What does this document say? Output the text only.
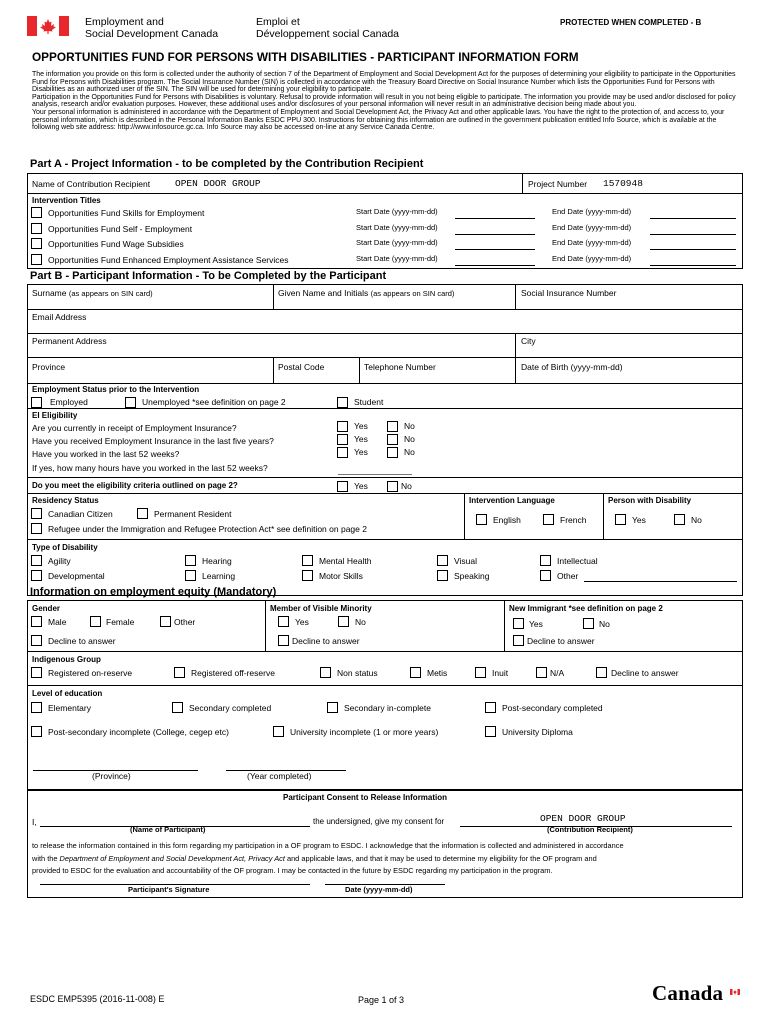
Employment and
Social Development Canada
Emploi et
Développement social Canada
PROTECTED WHEN COMPLETED - B
OPPORTUNITIES FUND FOR PERSONS WITH DISABILITIES - PARTICIPANT INFORMATION FORM
The information you provide on this form is collected under the authority of section 7 of the Department of Employment and Social Development Act for the purposes of determining your eligibility to participate in the Opportunities Fund for Persons with Disabilities program. The Social Insurance Number (SIN) is collected in accordance with the Treasury Board Directive on Social Insurance Number which lists the Opportunities Fund for Persons with Disabilities as an authorized user of the SIN. The SIN will be used for determining your eligibility to participate.
Participation in the Opportunities Fund for Persons with Disabilities is voluntary. Refusal to provide information will result in you not being eligible to participate. The information you provide may be used and/or disclosed for policy analysis, research and/or evaluation purposes. However, these additional uses and/or disclosures of your personal information will never result in an administrative decision being made about you.
Your personal information is administered in accordance with the Department of Employment and Social Development Act, the Privacy Act and other applicable laws. You have the right to the protection of, and access to, your personal information, which is described in the Personal Information Banks ESDC PPU 300. Instructions for obtaining this information are outlined in the government publication entitled Info Source, which is available at the following web site address: http://www.infosource.gc.ca. Info Source may also be accessed on-line at any Service Canada Centre.
Part A - Project Information - to be completed by the Contribution Recipient
Name of Contribution Recipient	OPEN DOOR GROUP	Project Number 1570948
Intervention Titles
Opportunities Fund Skills for Employment	Start Date (yyyy-mm-dd)	End Date (yyyy-mm-dd)
Opportunities Fund Self - Employment	Start Date (yyyy-mm-dd)	End Date (yyyy-mm-dd)
Opportunities Fund Wage Subsidies	Start Date (yyyy-mm-dd)	End Date (yyyy-mm-dd)
Opportunities Fund Enhanced Employment Assistance Services	Start Date (yyyy-mm-dd)	End Date (yyyy-mm-dd)
Part B - Participant Information - To be Completed by the Participant
Surname (as appears on SIN card)	Given Name and Initials (as appears on SIN card)	Social Insurance Number
Email Address
Permanent Address	City
Province	Postal Code	Telephone Number	Date of Birth (yyyy-mm-dd)
Employment Status prior to the Intervention
Employed	Unemployed *see definition on page 2	Student
EI Eligibility
Are you currently in receipt of Employment Insurance?	Yes	No
Have you received Employment Insurance in the last five years?	Yes	No
Have you worked in the last 52 weeks?	Yes	No
If yes, how many hours have you worked in the last 52 weeks?
Do you meet the eligibility criteria outlined on page 2?	Yes	No
Residency Status
Canadian Citizen	Permanent Resident
Refugee under the Immigration and Refugee Protection Act* see definition on page 2
Intervention Language
English	French
Person with Disability
Yes	No
Type of Disability
Agility	Hearing	Mental Health	Visual	Intellectual
Developmental	Learning	Motor Skills	Speaking	Other
Information on employment equity (Mandatory)
Gender
Male	Female	Other
Decline to answer
Member of Visible Minority
Yes	No
Decline to answer
New Immigrant *see definition on page 2
Yes	No
Decline to answer
Indigenous Group
Registered on-reserve	Registered off-reserve	Non status	Metis	Inuit	N/A	Decline to answer
Level of education
Elementary	Secondary completed	Secondary in-complete	Post-secondary completed
Post-secondary incomplete (College, cegep etc)	University incomplete (1 or more years)	University Diploma
(Province)	(Year completed)
Participant Consent to Release Information
I,	the undersigned, give my consent for	OPEN DOOR GROUP
(Name of Participant)	(Contribution Recipient)
to release the information contained in this form regarding my participation in a OF program to ESDC. I acknowledge that the information is collected and administered in accordance
with the Department of Employment and Social Development Act, Privacy Act and applicable laws, and that it may be used to determine my eligibility for the OF program and
provided to ESDC for the evaluation and accountability of the OF program. I may be contacted in the future by ESDC regarding my participation in the program.
Participant's Signature	Date (yyyy-mm-dd)
ESDC EMP5395 (2016-11-008) E	Page 1 of 3	Canada
